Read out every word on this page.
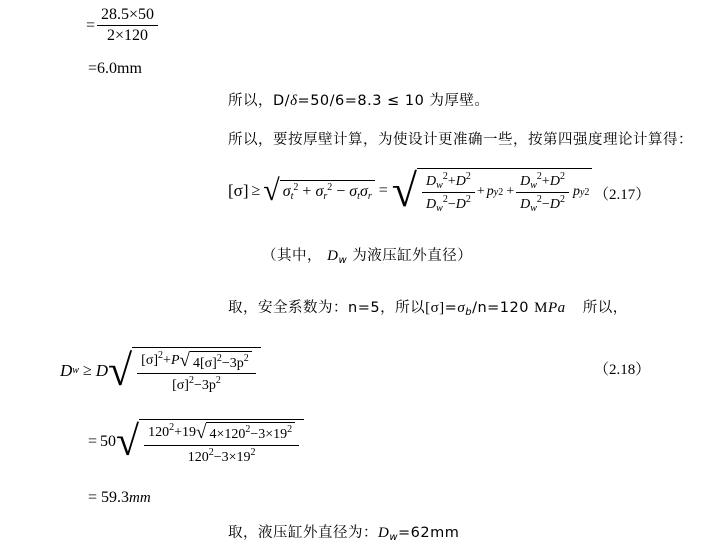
= $\frac{28.5\times 50}{2\times 120}$
=6.0mm
所以，D/δ=50/6=8.3 ≤ 10 为厚壁。
所以，要按厚壁计算，为使设计更准确一些，按第四强度理论计算得：
[σ] ≥ √ $\sigma_t^2 + \sigma_r^2 - \sigma_t\sigma_r$ = √ $\frac{D_w^2+D^2}{D_w^2-D^2} + p$ y $2 + \frac{D_w^2+D^2}{D_w^2-D^2}$ p y 2 （2.17）
（其中， $D_w$ 为液压缸外直径）
取，安全系数为：n=5，所以$[\sigma]=\sigma_b/n=120$ MPa 所以，
D w ≥ D √ $\frac{[\sigma]^2+P√ 4[\sigma]^2-3p^2}{[\sigma]^2-3p^2}$	（2.18）
= 50 √ $\frac{120^2+19√ 4\times 120^2-3\times 19^2}{120^2-3\times 19^2}$
= 59.3mm
取，液压缸外直径为：$D_w=62mm$
